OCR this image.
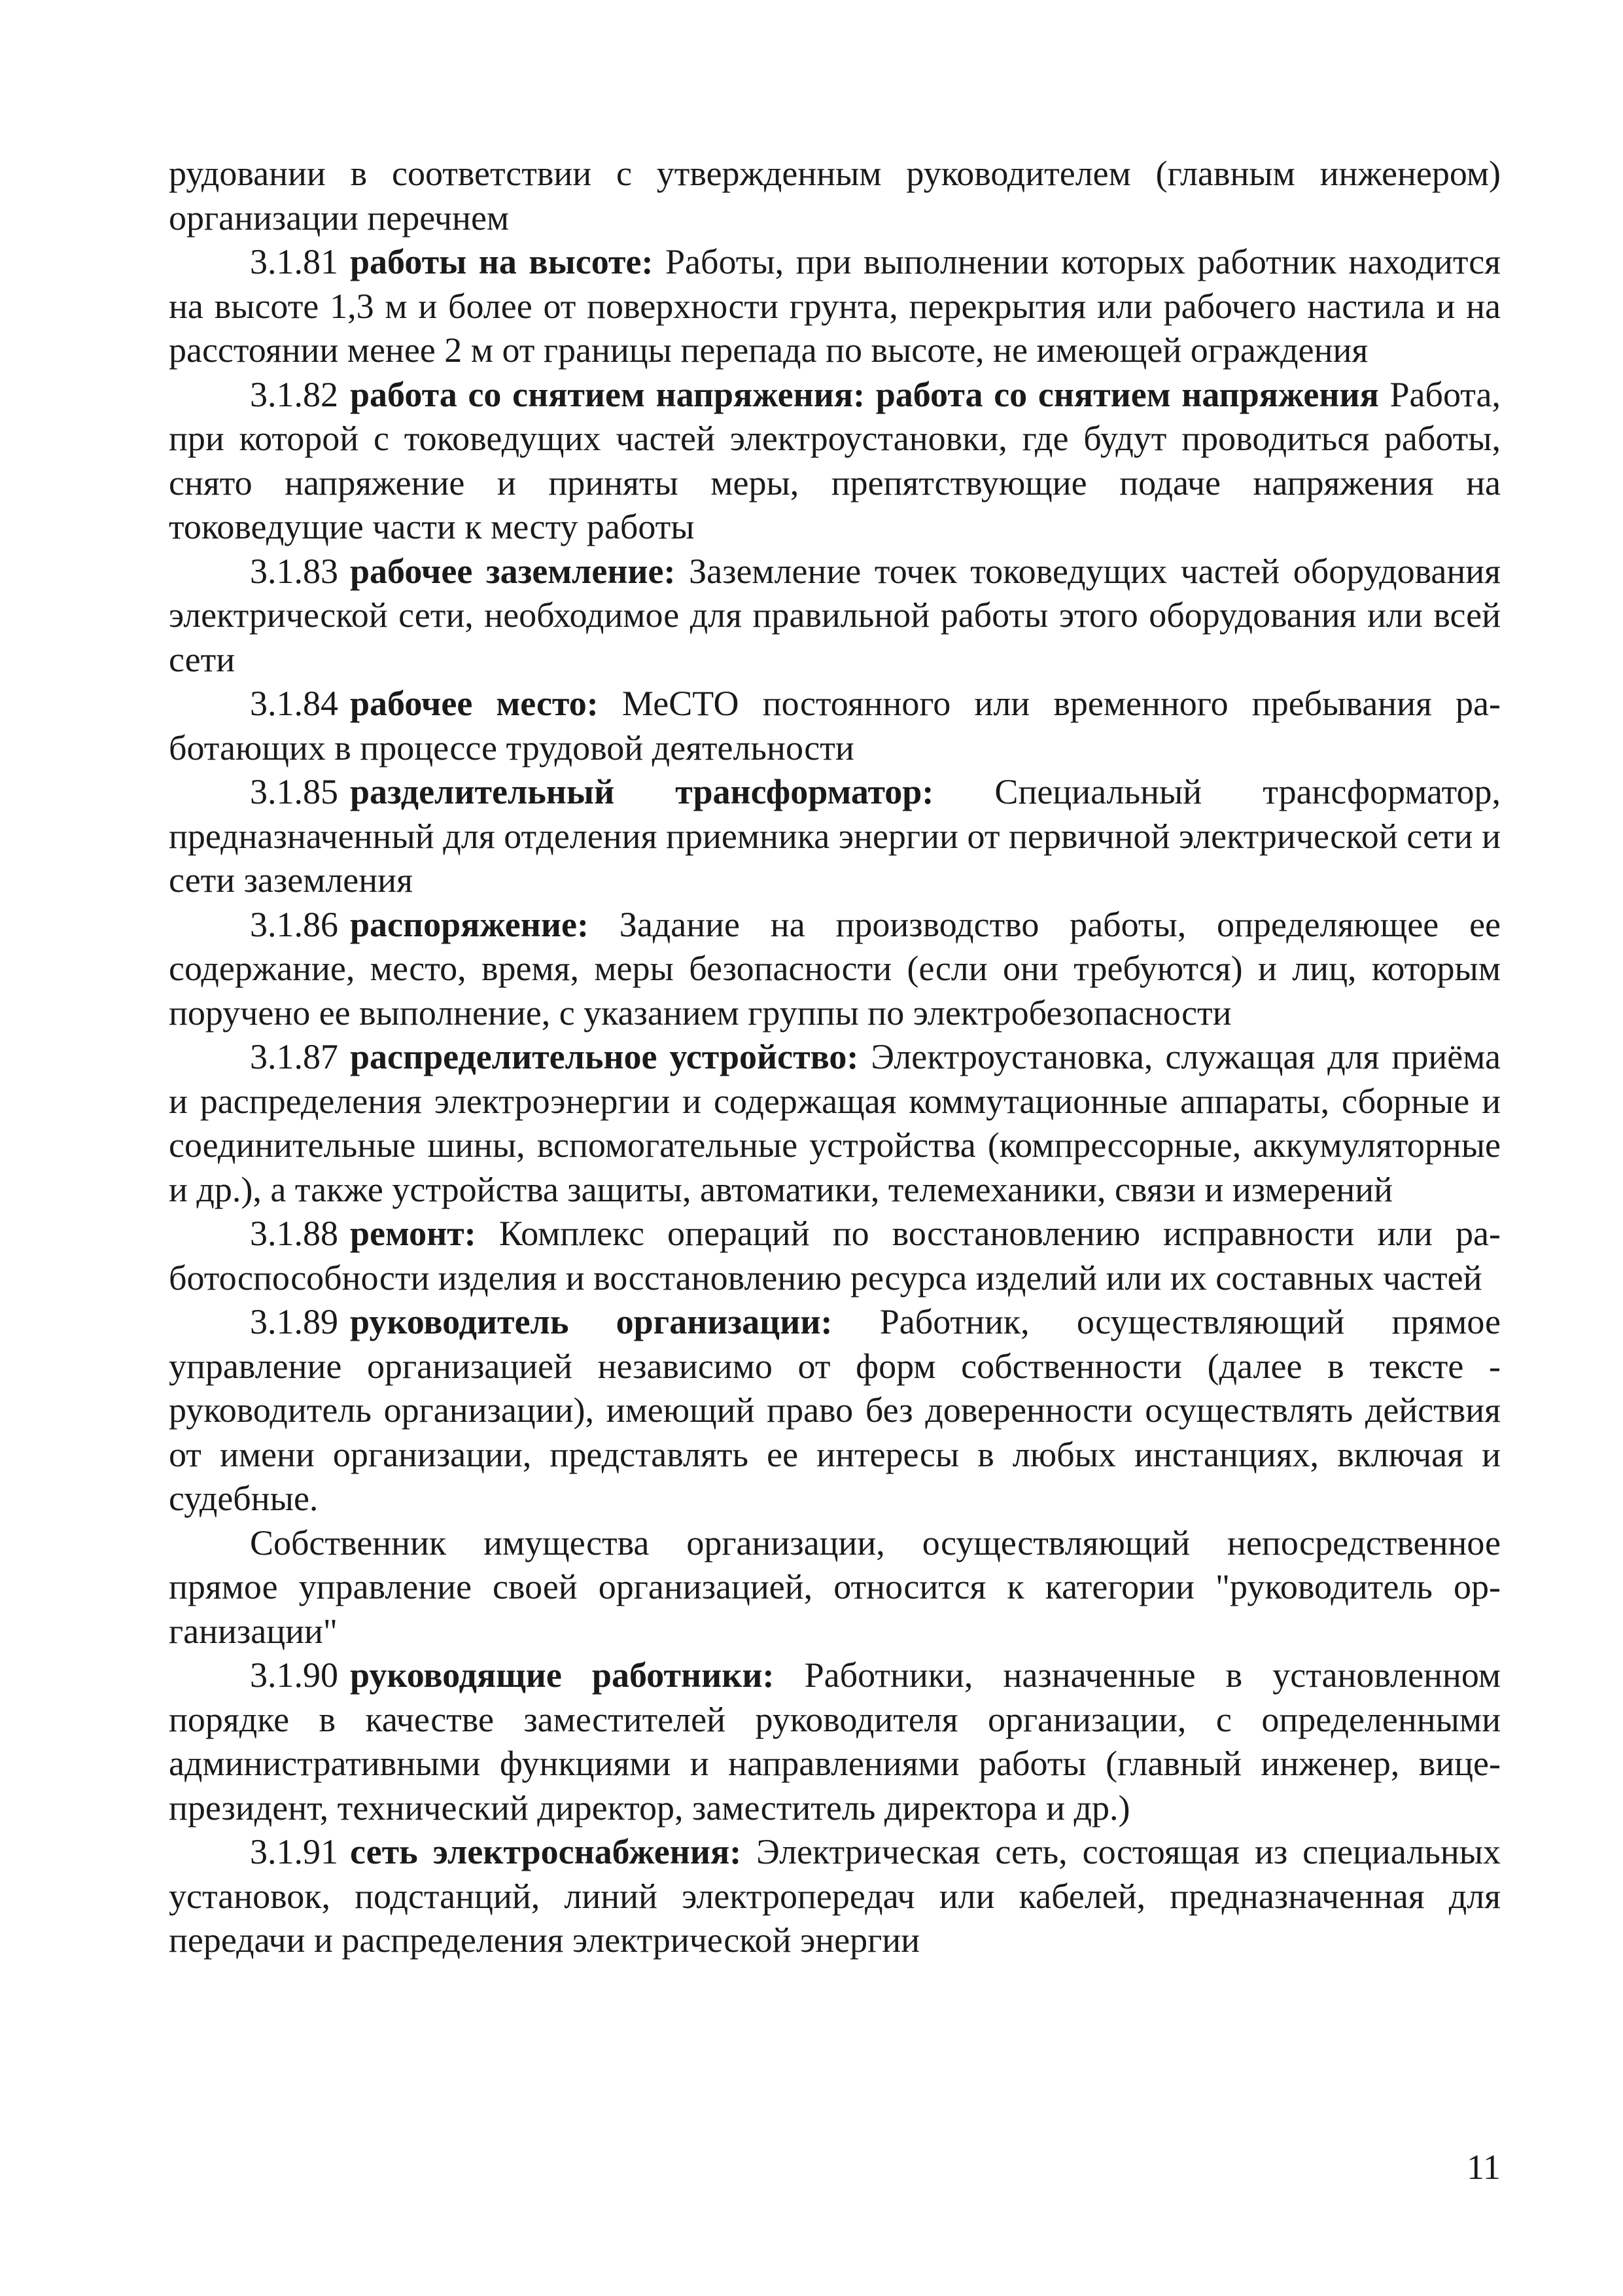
рудовании в соответствии с утвержденным руководителем (главным инженером) организации перечнем

3.1.81 работы на высоте: Работы, при выполнении которых работник находится на высоте 1,3 м и более от поверхности грунта, перекрытия или рабочего настила и на расстоянии менее 2 м от границы перепада по высоте, не имеющей ограждения

3.1.82 работа со снятием напряжения: работа со снятием напряжения Работа, при которой с токоведущих частей электроустановки, где будут проводиться работы, снято напряжение и приняты меры, препятствующие подаче напряжения на токоведущие части к месту работы

3.1.83 рабочее заземление: Заземление точек токоведущих частей оборудования электрической сети, необходимое для правильной работы этого оборудования или всей сети

3.1.84 рабочее место: МеСТО постоянного или временного пребывания работающих в процессе трудовой деятельности

3.1.85 разделительный трансформатор: Специальный трансформатор, предназначенный для отделения приемника энергии от первичной электрической сети и сети заземления

3.1.86 распоряжение: Задание на производство работы, определяющее ее содержание, место, время, меры безопасности (если они требуются) и лиц, которым поручено ее выполнение, с указанием группы по электробезопасности

3.1.87 распределительное устройство: Электроустановка, служащая для приёма и распределения электроэнергии и содержащая коммутационные аппараты, сборные и соединительные шины, вспомогательные устройства (компрессорные, аккумуляторные и др.), а также устройства защиты, автоматики, телемеханики, связи и измерений

3.1.88 ремонт: Комплекс операций по восстановлению исправности или работоспособности изделия и восстановлению ресурса изделий или их составных частей

3.1.89 руководитель организации: Работник, осуществляющий прямое управление организацией независимо от форм собственности (далее в тексте - руководитель организации), имеющий право без доверенности осуществлять действия от имени организации, представлять ее интересы в любых инстанциях, включая и судебные.

Собственник имущества организации, осуществляющий непосредственное прямое управление своей организацией, относится к категории "руководитель организации"

3.1.90 руководящие работники: Работники, назначенные в установленном порядке в качестве заместителей руководителя организации, с определенными административными функциями и направлениями работы (главный инженер, вице-президент, технический директор, заместитель директора и др.)

3.1.91 сеть электроснабжения: Электрическая сеть, состоящая из специальных установок, подстанций, линий электропередач или кабелей, предназначенная для передачи и распределения электрической энергии

11
